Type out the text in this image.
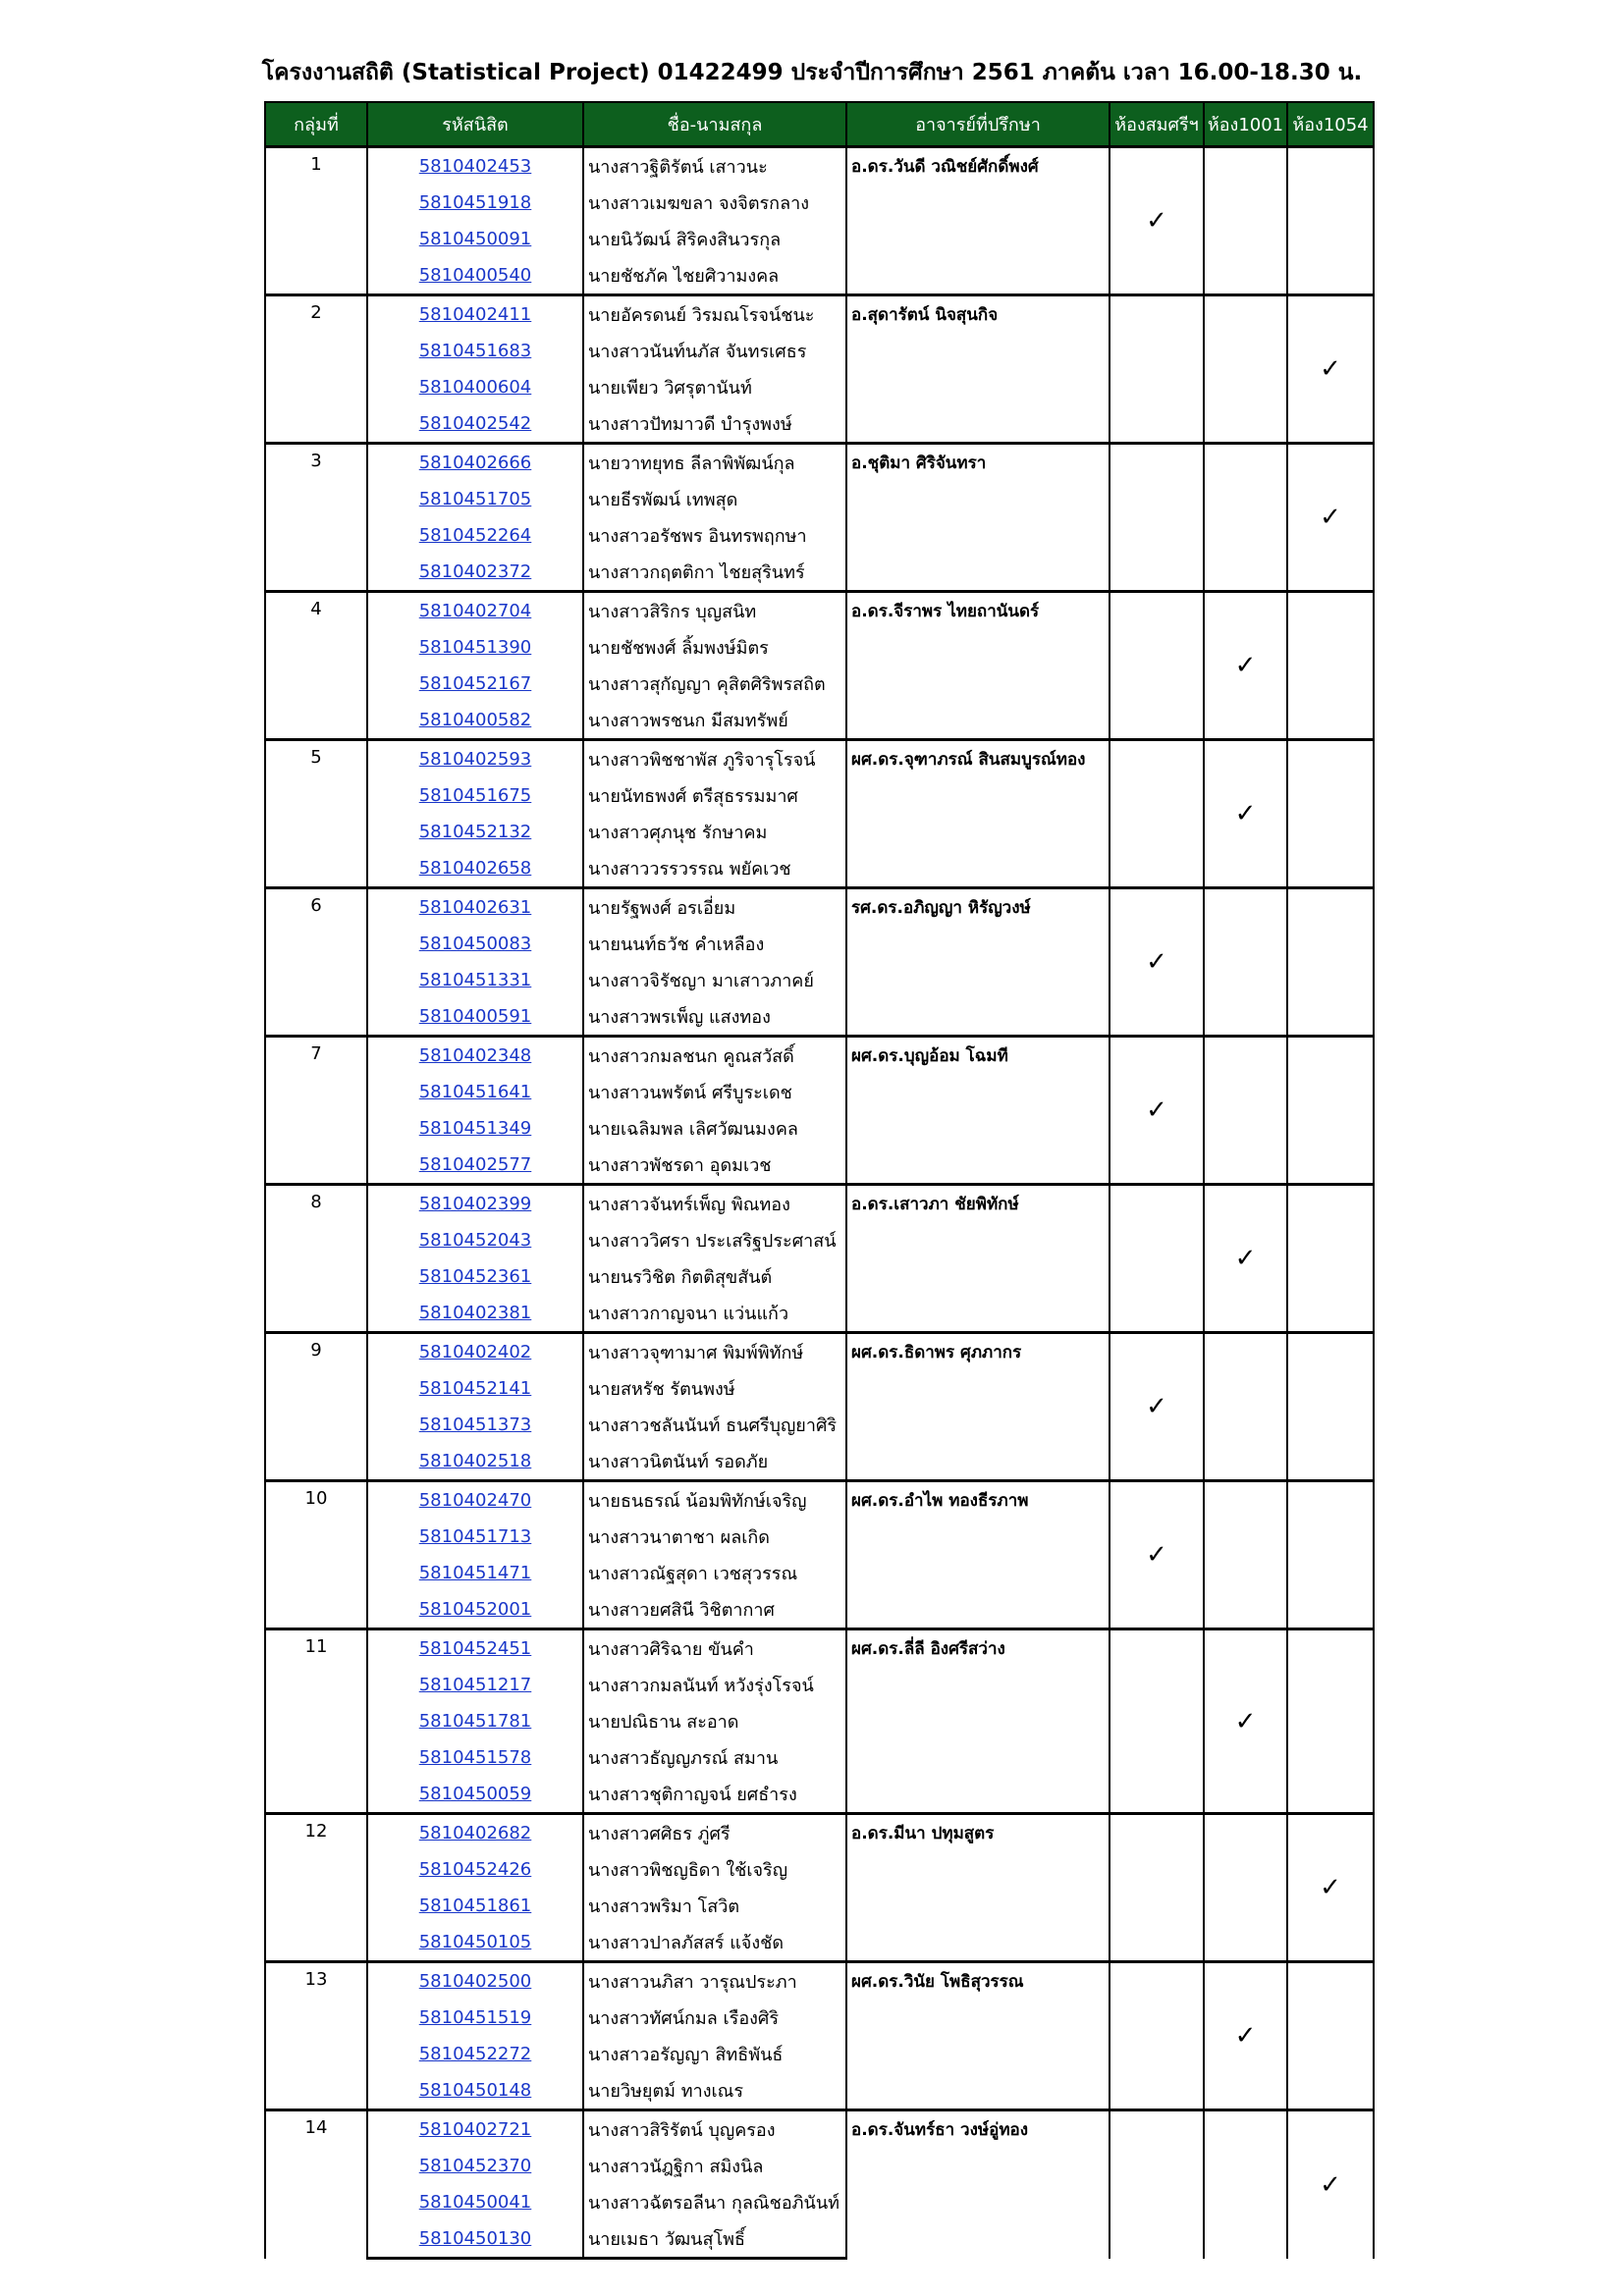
โครงงานสถิติ (Statistical Project) 01422499 ประจำปีการศึกษา 2561 ภาคต้น เวลา 16.00-18.30 น.
กลุ่มที่	รหัสนิสิต	ชื่อ-นามสกุล	อาจารย์ที่ปรึกษา	ห้องสมศรีฯ	ห้อง1001	ห้อง1054
1	5810402453	นางสาวฐิติรัตน์ เสาวนะ	อ.ดร.วันดี วณิชย์ศักดิ์พงศ์	✓		
	5810451918	นางสาวเมฆขลา จงจิตรกลาง				
	5810450091	นายนิวัฒน์ สิริคงสินวรกุล				
	5810400540	นายชัชภัค ไชยศิวามงคล				
2	5810402411	นายอัครดนย์ วิรมณโรจน์ชนะ	อ.สุดารัตน์ นิจสุนกิจ			✓
	5810451683	นางสาวนันท์นภัส จันทรเศธร				
	5810400604	นายเพียว วิศรุตานันท์				
	5810402542	นางสาวปัทมาวดี บำรุงพงษ์				
3	5810402666	นายวาทยุทธ ลีลาพิพัฒน์กุล	อ.ชุติมา ศิริจันทรา			✓
	5810451705	นายธีรพัฒน์ เทพสุด				
	5810452264	นางสาวอรัชพร อินทรพฤกษา				
	5810402372	นางสาวกฤตติกา ไชยสุรินทร์				
4	5810402704	นางสาวสิริกร บุญสนิท	อ.ดร.จีราพร ไทยถานันดร์		✓	
	5810451390	นายชัชพงศ์ ลิ้มพงษ์มิตร				
	5810452167	นางสาวสุกัญญา คุสิตศิริพรสถิต				
	5810400582	นางสาวพรชนก มีสมทรัพย์				
5	5810402593	นางสาวพิชชาพัส ภูริจารุโรจน์	ผศ.ดร.จุฑาภรณ์ สินสมบูรณ์ทอง		✓	
	5810451675	นายนัทธพงศ์ ตรีสุธรรมมาศ				
	5810452132	นางสาวศุภนุช รักษาคม				
	5810402658	นางสาววรรวรรณ พยัคเวช				
6	5810402631	นายรัฐพงศ์ อรเอี่ยม	รศ.ดร.อภิญญา หิรัญวงษ์	✓		
	5810450083	นายนนท์ธวัช คำเหลือง				
	5810451331	นางสาวจิรัชญา มาเสาวภาคย์				
	5810400591	นางสาวพรเพ็ญ แสงทอง				
7	5810402348	นางสาวกมลชนก คูณสวัสดิ์	ผศ.ดร.บุญอ้อม โฉมที	✓		
	5810451641	นางสาวนพรัตน์ ศรีบูระเดช				
	5810451349	นายเฉลิมพล เลิศวัฒนมงคล				
	5810402577	นางสาวพัชรดา อุดมเวช				
8	5810402399	นางสาวจันทร์เพ็ญ พิณทอง	อ.ดร.เสาวภา ชัยพิทักษ์		✓	
	5810452043	นางสาววิศรา ประเสริฐประศาสน์				
	5810452361	นายนรวิชิต กิตติสุขสันต์				
	5810402381	นางสาวกาญจนา แว่นแก้ว				
9	5810402402	นางสาวจุฑามาศ พิมพ์พิทักษ์	ผศ.ดร.ธิดาพร ศุภภากร	✓		
	5810452141	นายสหรัช รัตนพงษ์				
	5810451373	นางสาวชลันนันท์ ธนศรีบุญยาศิริ				
	5810402518	นางสาวนิตนันท์ รอดภัย				
10	5810402470	นายธนธรณ์ น้อมพิทักษ์เจริญ	ผศ.ดร.อำไพ ทองธีรภาพ	✓		
	5810451713	นางสาวนาตาชา ผลเกิด				
	5810451471	นางสาวณัฐสุดา เวชสุวรรณ				
	5810452001	นางสาวยศสินี วิชิตากาศ				
11	5810452451	นางสาวศิริฉาย ขันคำ	ผศ.ดร.ลี่ลี อิงศรีสว่าง		✓	
	5810451217	นางสาวกมลนันท์ หวังรุ่งโรจน์				
	5810451781	นายปณิธาน สะอาด				
	5810451578	นางสาวธัญญภรณ์ สมาน				
	5810450059	นางสาวชุติกาญจน์ ยศธำรง				
12	5810402682	นางสาวศศิธร ภู่ศรี	อ.ดร.มีนา ปทุมสูตร			✓
	5810452426	นางสาวพิชญธิดา ใช้เจริญ				
	5810451861	นางสาวพริมา โสวิต				
	5810450105	นางสาวปาลภัสสร์ แจ้งชัด				
13	5810402500	นางสาวนภิสา วารุณประภา	ผศ.ดร.วินัย โพธิสุวรรณ		✓	
	5810451519	นางสาวทัศน์กมล เรืองศิริ				
	5810452272	นางสาวอรัญญา สิทธิพันธ์				
	5810450148	นายวิษยุตม์ ทางเณร				
14	5810402721	นางสาวสิริรัตน์ บุญครอง	อ.ดร.จันทร์ธา วงษ์อู่ทอง			✓
	5810452370	นางสาวนัฎฐิกา สมิงนิล				
	5810450041	นางสาวฉัตรอลีนา กุลณิชอภินันท์				
	5810450130	นายเมธา วัฒนสุโพธิ์				
